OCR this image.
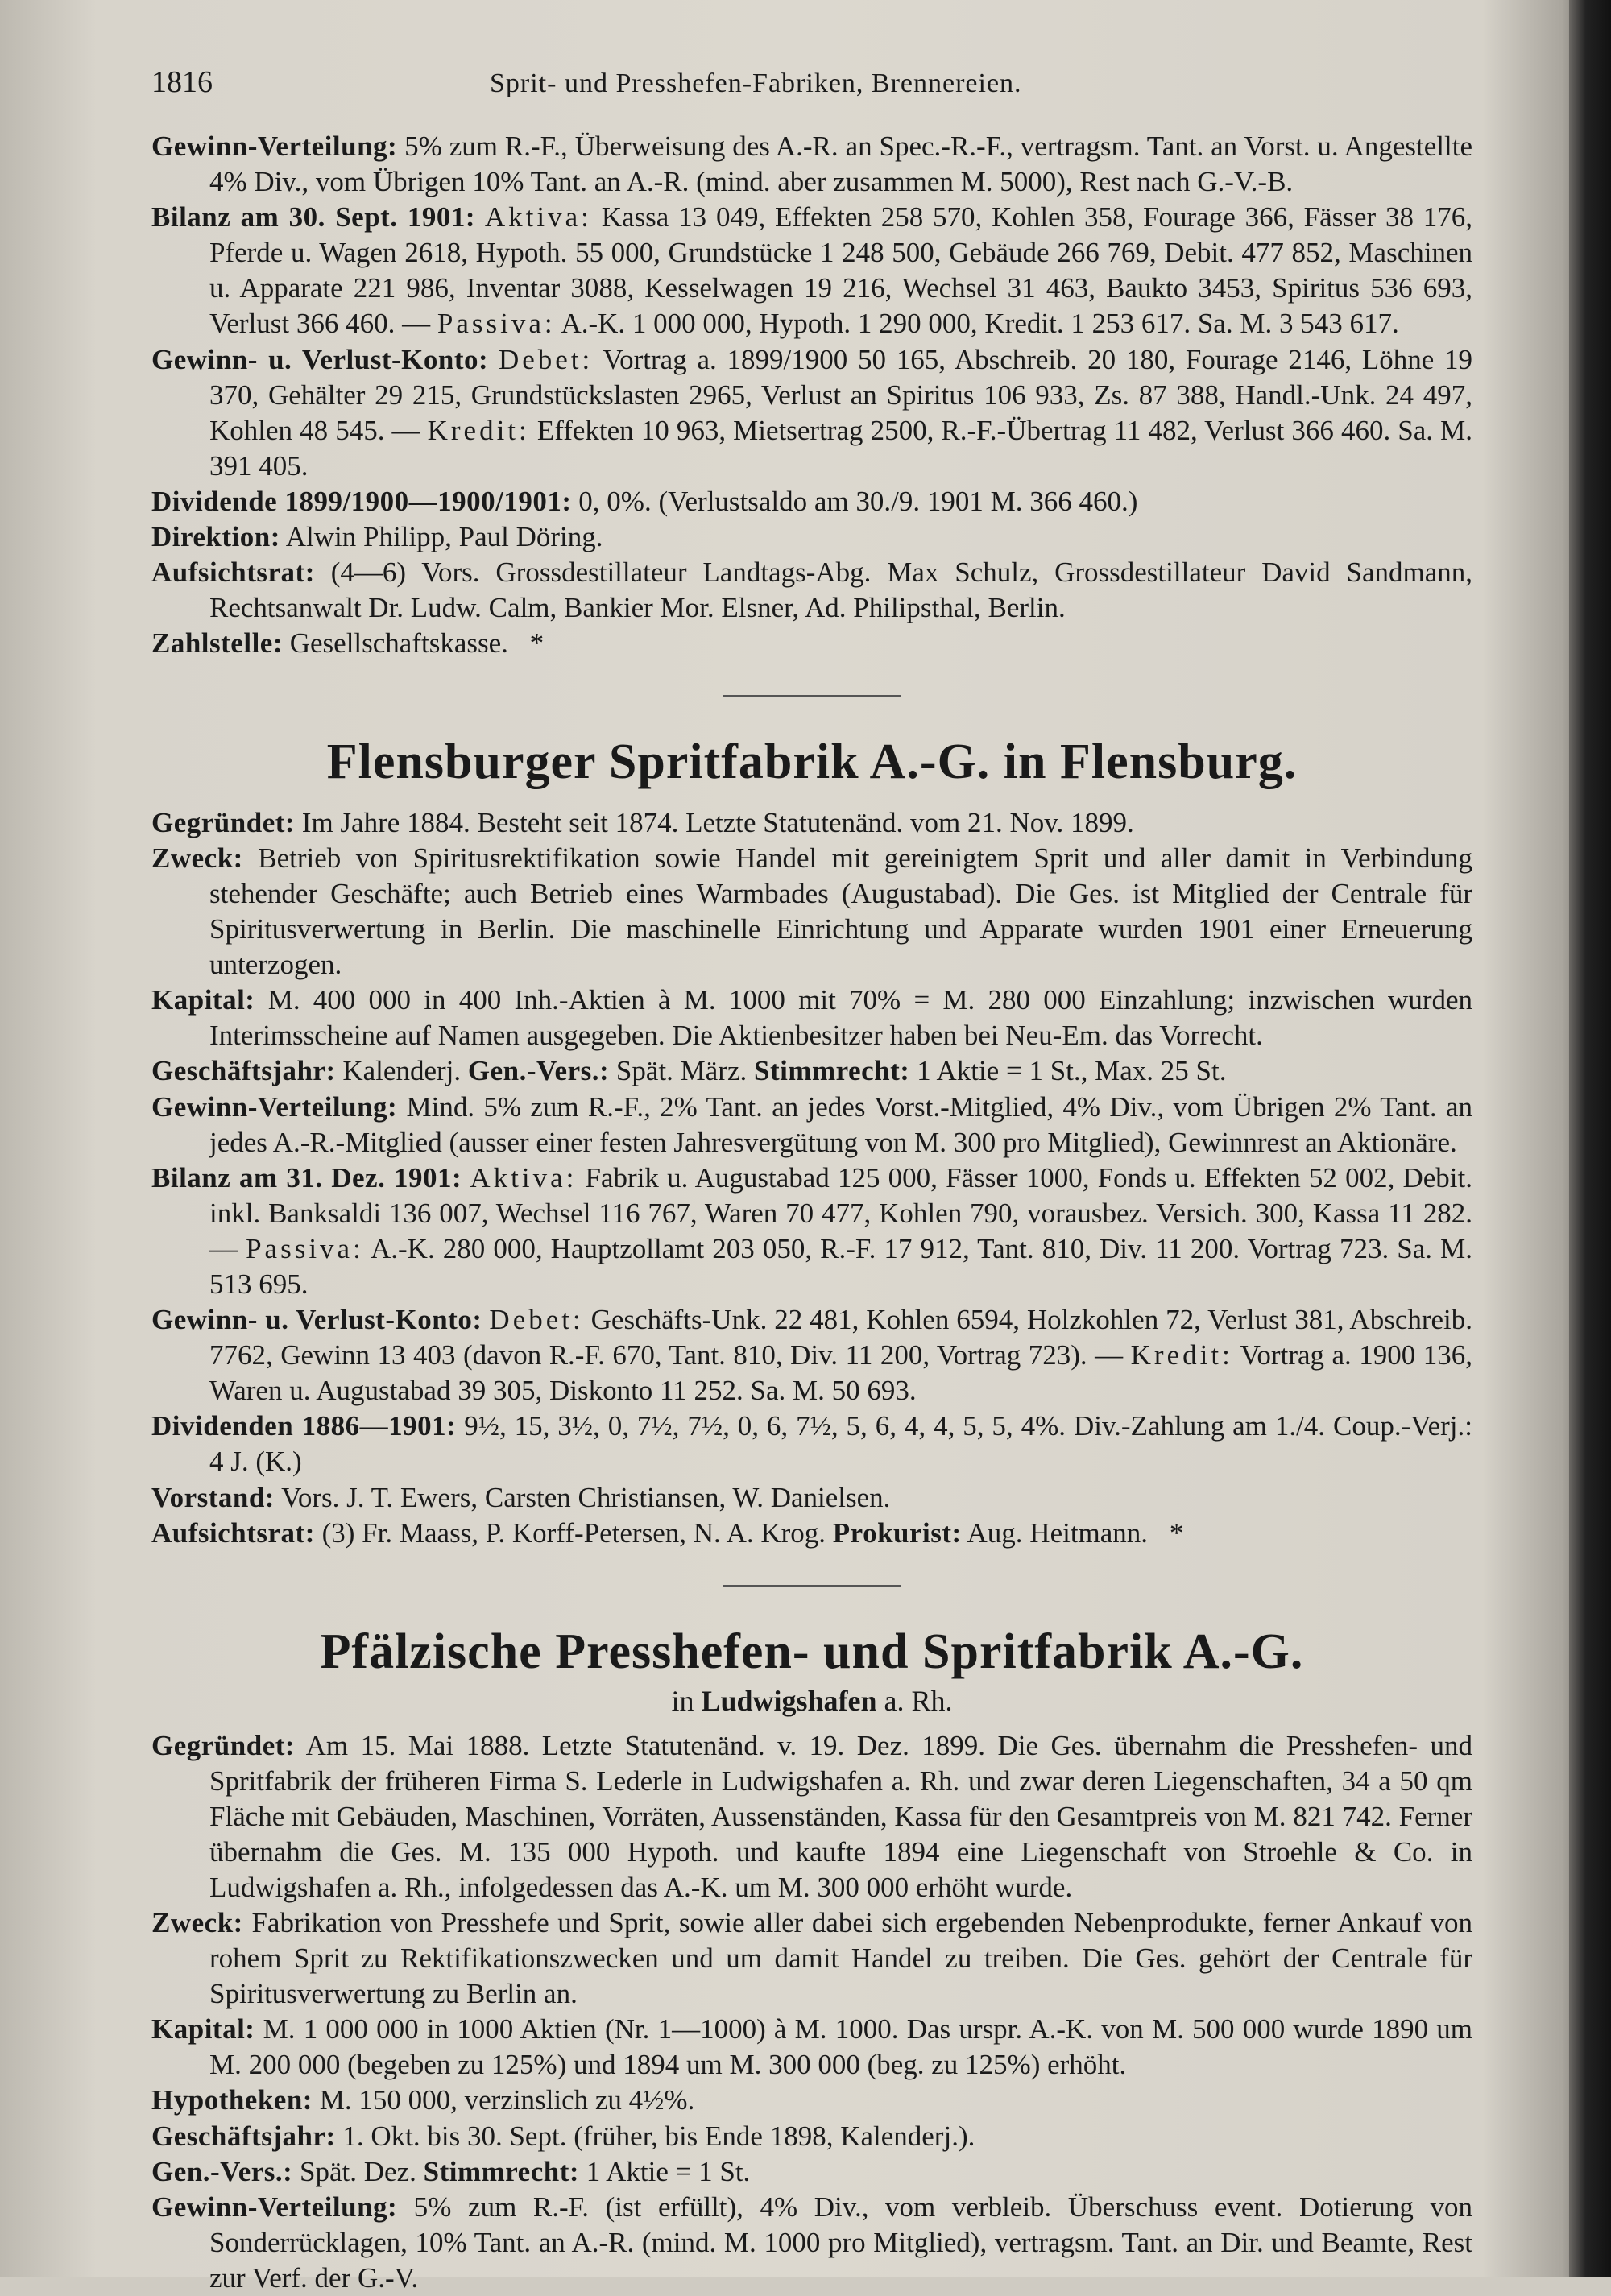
1816	Sprit- und Presshefen-Fabriken, Brennereien.

Gewinn-Verteilung: 5% zum R.-F., Überweisung des A.-R. an Spec.-R.-F., vertragsm. Tant. an Vorst. u. Angestellte 4% Div., vom Übrigen 10% Tant. an A.-R. (mind. aber zusammen M. 5000), Rest nach G.-V.-B.

Bilanz am 30. Sept. 1901: Aktiva: Kassa 13 049, Effekten 258 570, Kohlen 358, Fourage 366, Fässer 38 176, Pferde u. Wagen 2618, Hypoth. 55 000, Grundstücke 1 248 500, Gebäude 266 769, Debit. 477 852, Maschinen u. Apparate 221 986, Inventar 3088, Kesselwagen 19 216, Wechsel 31 463, Baukto 3453, Spiritus 536 693, Verlust 366 460. — Passiva: A.-K. 1 000 000, Hypoth. 1 290 000, Kredit. 1 253 617. Sa. M. 3 543 617.

Gewinn- u. Verlust-Konto: Debet: Vortrag a. 1899/1900 50 165, Abschreib. 20 180, Fourage 2146, Löhne 19 370, Gehälter 29 215, Grundstückslasten 2965, Verlust an Spiritus 106 933, Zs. 87 388, Handl.-Unk. 24 497, Kohlen 48 545. — Kredit: Effekten 10 963, Mietsertrag 2500, R.-F.-Übertrag 11 482, Verlust 366 460. Sa. M. 391 405.

Dividende 1899/1900—1900/1901: 0, 0%. (Verlustsaldo am 30./9. 1901 M. 366 460.)

Direktion: Alwin Philipp, Paul Döring.

Aufsichtsrat: (4—6) Vors. Grossdestillateur Landtags-Abg. Max Schulz, Grossdestillateur David Sandmann, Rechtsanwalt Dr. Ludw. Calm, Bankier Mor. Elsner, Ad. Philipsthal, Berlin.

Zahlstelle: Gesellschaftskasse. *

Flensburger Spritfabrik A.-G. in Flensburg.

Gegründet: Im Jahre 1884. Besteht seit 1874. Letzte Statutenänd. vom 21. Nov. 1899.

Zweck: Betrieb von Spiritusrektifikation sowie Handel mit gereinigtem Sprit und aller damit in Verbindung stehender Geschäfte; auch Betrieb eines Warmbades (Augustabad). Die Ges. ist Mitglied der Centrale für Spiritusverwertung in Berlin. Die maschinelle Einrichtung und Apparate wurden 1901 einer Erneuerung unterzogen.

Kapital: M. 400 000 in 400 Inh.-Aktien à M. 1000 mit 70% = M. 280 000 Einzahlung; inzwischen wurden Interimsscheine auf Namen ausgegeben. Die Aktienbesitzer haben bei Neu-Em. das Vorrecht.

Geschäftsjahr: Kalenderj. Gen.-Vers.: Spät. März. Stimmrecht: 1 Aktie = 1 St., Max. 25 St.

Gewinn-Verteilung: Mind. 5% zum R.-F., 2% Tant. an jedes Vorst.-Mitglied, 4% Div., vom Übrigen 2% Tant. an jedes A.-R.-Mitglied (ausser einer festen Jahresvergütung von M. 300 pro Mitglied), Gewinnrest an Aktionäre.

Bilanz am 31. Dez. 1901: Aktiva: Fabrik u. Augustabad 125 000, Fässer 1000, Fonds u. Effekten 52 002, Debit. inkl. Banksaldi 136 007, Wechsel 116 767, Waren 70 477, Kohlen 790, vorausbez. Versich. 300, Kassa 11 282. — Passiva: A.-K. 280 000, Hauptzollamt 203 050, R.-F. 17 912, Tant. 810, Div. 11 200. Vortrag 723. Sa. M. 513 695.

Gewinn- u. Verlust-Konto: Debet: Geschäfts-Unk. 22 481, Kohlen 6594, Holzkohlen 72, Verlust 381, Abschreib. 7762, Gewinn 13 403 (davon R.-F. 670, Tant. 810, Div. 11 200, Vortrag 723). — Kredit: Vortrag a. 1900 136, Waren u. Augustabad 39 305, Diskonto 11 252. Sa. M. 50 693.

Dividenden 1886—1901: 9½, 15, 3½, 0, 7½, 7½, 0, 6, 7½, 5, 6, 4, 4, 5, 5, 4%. Div.-Zahlung am 1./4. Coup.-Verj.: 4 J. (K.)

Vorstand: Vors. J. T. Ewers, Carsten Christiansen, W. Danielsen.

Aufsichtsrat: (3) Fr. Maass, P. Korff-Petersen, N. A. Krog. Prokurist: Aug. Heitmann. *

Pfälzische Presshefen- und Spritfabrik A.-G.
in Ludwigshafen a. Rh.

Gegründet: Am 15. Mai 1888. Letzte Statutenänd. v. 19. Dez. 1899. Die Ges. übernahm die Presshefen- und Spritfabrik der früheren Firma S. Lederle in Ludwigshafen a. Rh. und zwar deren Liegenschaften, 34 a 50 qm Fläche mit Gebäuden, Maschinen, Vorräten, Aussenständen, Kassa für den Gesamtpreis von M. 821 742. Ferner übernahm die Ges. M. 135 000 Hypoth. und kaufte 1894 eine Liegenschaft von Stroehle & Co. in Ludwigshafen a. Rh., infolgedessen das A.-K. um M. 300 000 erhöht wurde.

Zweck: Fabrikation von Presshefe und Sprit, sowie aller dabei sich ergebenden Nebenprodukte, ferner Ankauf von rohem Sprit zu Rektifikationszwecken und um damit Handel zu treiben. Die Ges. gehört der Centrale für Spiritusverwertung zu Berlin an.

Kapital: M. 1 000 000 in 1000 Aktien (Nr. 1—1000) à M. 1000. Das urspr. A.-K. von M. 500 000 wurde 1890 um M. 200 000 (begeben zu 125%) und 1894 um M. 300 000 (beg. zu 125%) erhöht.

Hypotheken: M. 150 000, verzinslich zu 4½%.

Geschäftsjahr: 1. Okt. bis 30. Sept. (früher, bis Ende 1898, Kalenderj.).

Gen.-Vers.: Spät. Dez. Stimmrecht: 1 Aktie = 1 St.

Gewinn-Verteilung: 5% zum R.-F. (ist erfüllt), 4% Div., vom verbleib. Überschuss event. Dotierung von Sonderrücklagen, 10% Tant. an A.-R. (mind. M. 1000 pro Mitglied), vertragsm. Tant. an Dir. und Beamte, Rest zur Verf. der G.-V.
